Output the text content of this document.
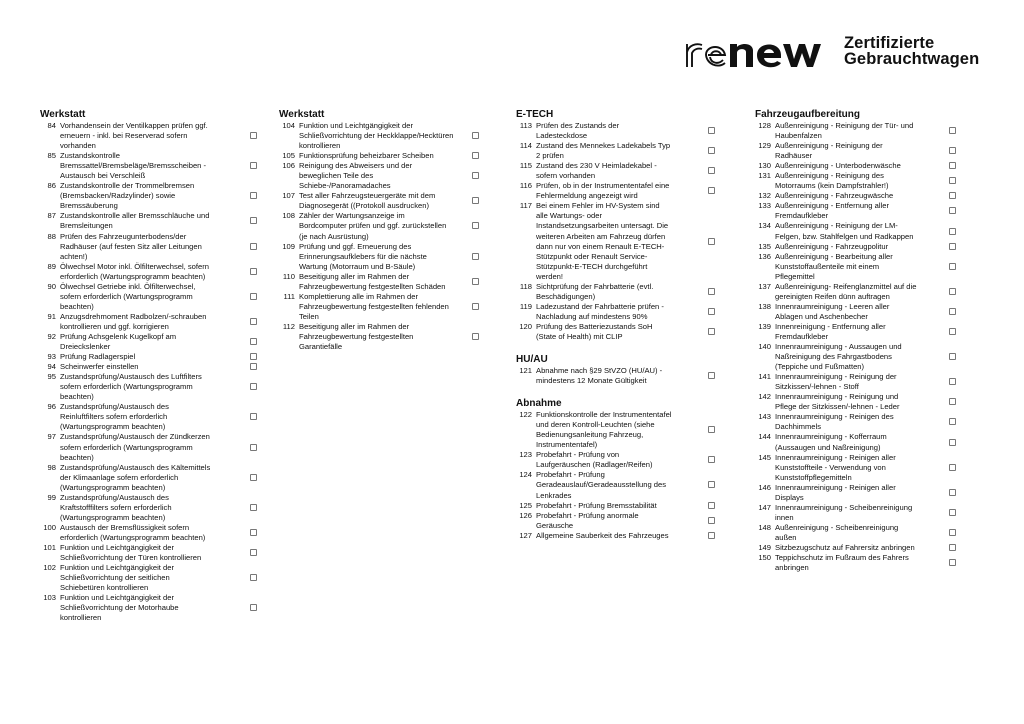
Zertifizierte
Gebrauchtwagen
Werkstatt
84 Vorhandensein der Ventilkappen prüfen ggf. erneuern - inkl. bei Reserverad sofern vorhanden
85 Zustandskontrolle Bremssattel/Bremsbeläge/Bremsscheiben - Austausch bei Verschleiß
86 Zustandskontrolle der Trommelbremsen (Bremsbacken/Radzylinder) sowie Bremssäuberung
87 Zustandskontrolle aller Bremsschläuche und Bremsleitungen
88 Prüfen des Fahrzeugunterbodens/der Radhäuser (auf festen Sitz aller Leitungen achten!)
89 Ölwechsel Motor inkl. Ölfilterwechsel, sofern erforderlich (Wartungsprogramm beachten)
90 Ölwechsel Getriebe inkl. Ölfilterwechsel, sofern erforderlich (Wartungsprogramm beachten)
91 Anzugsdrehmoment Radbolzen/-schrauben kontrollieren und ggf. korrigieren
92 Prüfung Achsgelenk Kugelkopf am Dreieckslenker
93 Prüfung Radlagerspiel
94 Scheinwerfer einstellen
95 Zustandsprüfung/Austausch des Luftfilters sofern erforderlich (Wartungsprogramm beachten)
96 Zustandsprüfung/Austausch des Reinluftfilters sofern erforderlich (Wartungsprogramm beachten)
97 Zustandsprüfung/Austausch der Zündkerzen sofern erforderlich (Wartungsprogramm beachten)
98 Zustandsprüfung/Austausch des Kältemittels der Klimaanlage sofern erforderlich (Wartungsprogramm beachten)
99 Zustandsprüfung/Austausch des Kraftstofffilters sofern erforderlich (Wartungsprogramm beachten)
100 Austausch der Bremsflüssigkeit sofern erforderlich (Wartungsprogramm beachten)
101 Funktion und Leichtgängigkeit der Schließvorrichtung der Türen kontrollieren
102 Funktion und Leichtgängigkeit der Schließvorrichtung der seitlichen Schiebetüren kontrollieren
103 Funktion und Leichtgängigkeit der Schließvorrichtung der Motorhaube kontrollieren
Werkstatt
104 Funktion und Leichtgängigkeit der Schließvorrichtung der Heckklappe/Hecktüren kontrollieren
105 Funktionsprüfung beheizbarer Scheiben
106 Reinigung des Abweisers und der beweglichen Teile des Schiebe-/Panoramadaches
107 Test aller Fahrzeugsteuergeräte mit dem Diagnosegerät ((Protokoll ausdrucken)
108 Zähler der Wartungsanzeige im Bordcomputer prüfen und ggf. zurückstellen (je nach Ausrüstung)
109 Prüfung und ggf. Erneuerung des Erinnerungsaufklebers für die nächste Wartung (Motorraum und B-Säule)
110 Beseitigung aller im Rahmen der Fahrzeugbewertung festgestellten Schäden
111 Komplettierung alle im Rahmen der Fahrzeugbewertung festgestellten fehlenden Teilen
112 Beseitigung aller im Rahmen der Fahrzeugbewertung festgestellten Garantiefälle
E-TECH
113 Prüfen des Zustands der Ladesteckdose
114 Zustand des Mennekes Ladekabels Typ 2 prüfen
115 Zustand des 230 V Heimladekabel - sofern vorhanden
116 Prüfen, ob in der Instrumententafel eine Fehlermeldung angezeigt wird
117 Bei einem Fehler im HV-System sind alle Wartungs- oder Instandsetzungsarbeiten untersagt. Die weiteren Arbeiten am Fahrzeug dürfen dann nur von einem Renault E-TECH-Stützpunkt oder Renault Service-Stützpunkt-E-TECH durchgeführt werden!
118 Sichtprüfung der Fahrbatterie (evtl. Beschädigungen)
119 Ladezustand der Fahrbatterie prüfen - Nachladung auf mindestens 90%
120 Prüfung des Batteriezustands SoH (State of Health) mit CLIP
HU/AU
121 Abnahme nach §29 StVZO (HU/AU) - mindestens 12 Monate Gültigkeit
Abnahme
122 Funktionskontrolle der Instrumententafel und deren Kontroll-Leuchten (siehe Bedienungsanleitung Fahrzeug, Instrumententafel)
123 Probefahrt - Prüfung von Laufgeräuschen (Radlager/Reifen)
124 Probefahrt - Prüfung Geradeauslauf/Geradeausstellung des Lenkrades
125 Probefahrt - Prüfung Bremsstabilität
126 Probefahrt - Prüfung anormale Geräusche
127 Allgemeine Sauberkeit des Fahrzeuges
Fahrzeugaufbereitung
128 Außenreinigung - Reinigung der Tür- und Haubenfalzen
129 Außenreinigung - Reinigung der Radhäuser
130 Außenreinigung - Unterbodenwäsche
131 Außenreinigung - Reinigung des Motorraums (kein Dampfstrahler!)
132 Außenreinigung - Fahrzeugwäsche
133 Außenreinigung - Entfernung aller Fremdaufkleber
134 Außenreinigung - Reinigung der LM-Felgen, bzw. Stahlfelgen und Radkappen
135 Außenreinigung - Fahrzeugpolitur
136 Außenreinigung - Bearbeitung aller Kunststoffaußenteile mit einem Pflegemittel
137 Außenreinigung- Reifenglanzmittel auf die gereinigten Reifen dünn auftragen
138 Innenraumreinigung - Leeren aller Ablagen und Aschenbecher
139 Innenreinigung - Entfernung aller Fremdaufkleber
140 Innenraumreinigung - Aussaugen und Naßreinigung des Fahrgastbodens (Teppiche und Fußmatten)
141 Innenraumreinigung - Reinigung der Sitzkissen/-lehnen - Stoff
142 Innenraumreinigung - Reinigung und Pflege der Sitzkissen/-lehnen - Leder
143 Innenraumreinigung - Reinigen des Dachhimmels
144 Innenraumreinigung - Kofferraum (Aussaugen und Naßreinigung)
145 Innenraumreinigung - Reinigen aller Kunststoffteile - Verwendung von Kunststoffpflegemitteln
146 Innenraumreinigung - Reinigen aller Displays
147 Innenraumreinigung - Scheibenreinigung innen
148 Außenreinigung - Scheibenreinigung außen
149 Sitzbezugschutz auf Fahrersitz anbringen
150 Teppichschutz im Fußraum des Fahrers anbringen
